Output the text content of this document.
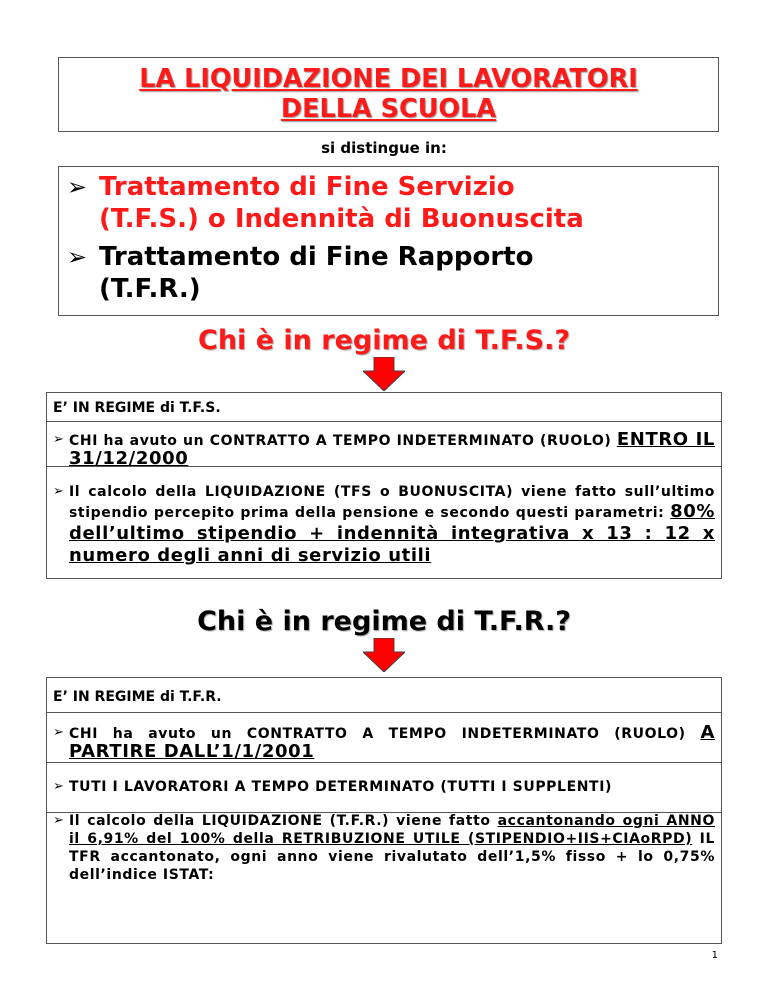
LA LIQUIDAZIONE DEI LAVORATORI
DELLA SCUOLA
si distingue in:
➢ Trattamento di Fine Servizio
(T.F.S.) o Indennità di Buonuscita
➢ Trattamento di Fine Rapporto
(T.F.R.)
Chi è in regime di T.F.S.?
E’ IN REGIME di T.F.S.
➢ CHI ha avuto un CONTRATTO A TEMPO INDETERMINATO (RUOLO) ENTRO IL 31/12/2000
➢ Il calcolo della LIQUIDAZIONE (TFS o BUONUSCITA) viene fatto sull’ultimo stipendio percepito prima della pensione e secondo questi parametri: 80% dell’ultimo stipendio + indennità integrativa x 13 : 12 x numero degli anni di servizio utili
Chi è in regime di T.F.R.?
E’ IN REGIME di T.F.R.
➢ CHI ha avuto un CONTRATTO A TEMPO INDETERMINATO (RUOLO) A PARTIRE DALL’1/1/2001
➢ TUTI I LAVORATORI A TEMPO DETERMINATO (TUTTI I SUPPLENTI)
➢ Il calcolo della LIQUIDAZIONE (T.F.R.) viene fatto accantonando ogni ANNO il 6,91% del 100% della RETRIBUZIONE UTILE (STIPENDIO+IIS+CIAoRPD) IL TFR accantonato, ogni anno viene rivalutato dell’1,5% fisso + lo 0,75% dell’indice ISTAT:
1
